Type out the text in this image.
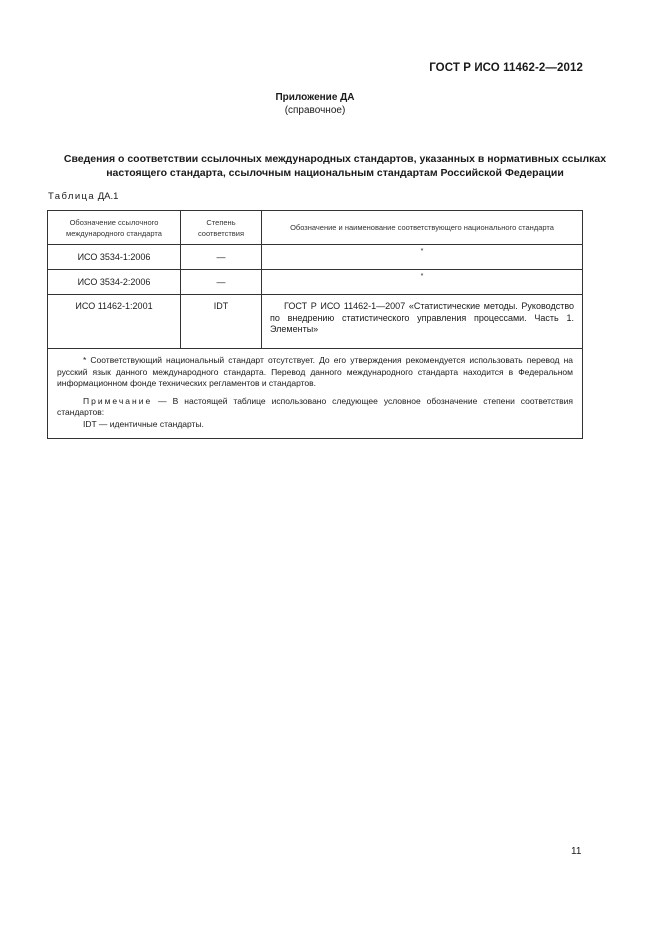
ГОСТ Р ИСО 11462-2—2012
Приложение ДА
(справочное)
Сведения о соответствии ссылочных международных стандартов, указанных в нормативных ссылках настоящего стандарта, ссылочным национальным стандартам Российской Федерации
Таблица ДА.1
Обозначение ссылочного международного стандарта	Степень соответствия	Обозначение и наименование соответствующего национального стандарта
ИСО 3534-1:2006	—	*
ИСО 3534-2:2006	—	*
ИСО 11462-1:2001	IDT	ГОСТ Р ИСО 11462-1—2007 «Статистические методы. Руководство по внедрению статистического управления процессами. Часть 1. Элементы»

* Соответствующий национальный стандарт отсутствует. До его утверждения рекомендуется использовать перевод на русский язык данного международного стандарта. Перевод данного международного стандарта находится в Федеральном информационном фонде технических регламентов и стандартов.

Примечание — В настоящей таблице использовано следующее условное обозначение степени соответствия стандартов:

IDT — идентичные стандарты.		

11
